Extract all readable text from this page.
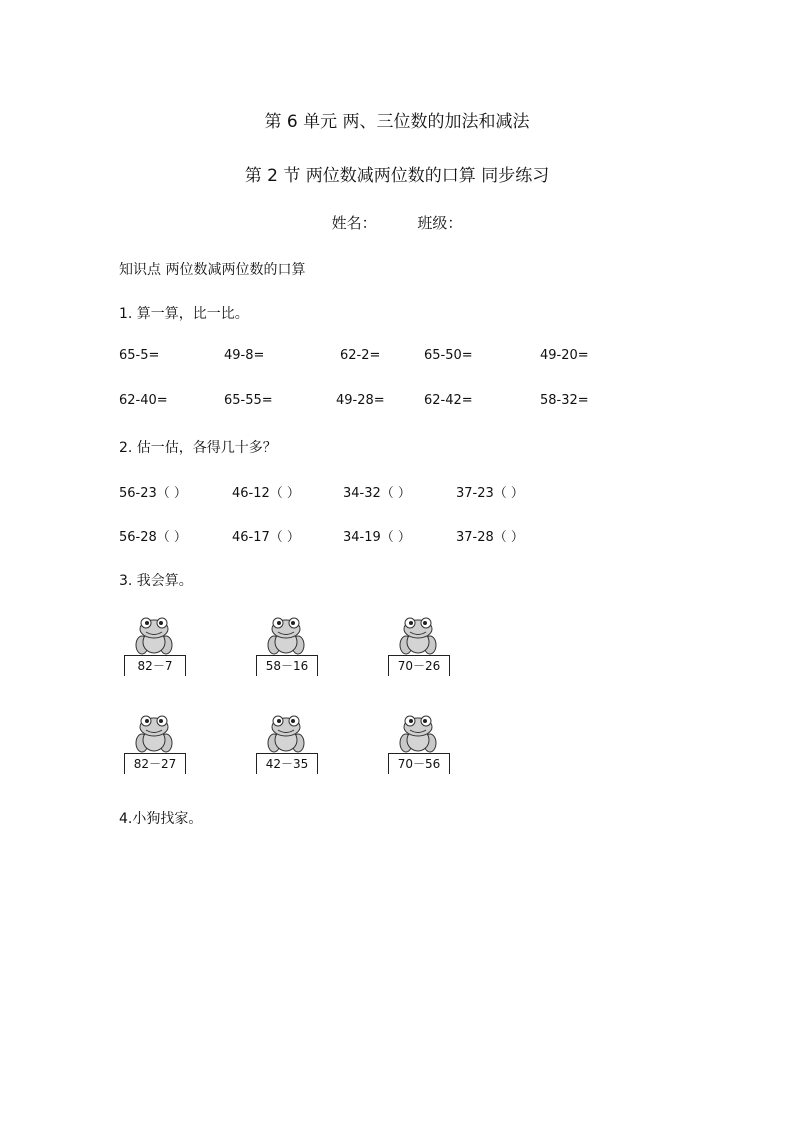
第 6 单元 两、三位数的加法和减法
第 2 节 两位数减两位数的口算 同步练习
姓名：	班级：
知识点 两位数减两位数的口算
1. 算一算，比一比。
65-5=	49-8=	62-2=	65-50=	49-20=
62-40=	65-55=	49-28=	62-42=	58-32=
2. 估一估，各得几十多？
56-23（ ）	46-12（ ）	34-32（ ）	37-23（ ）
56-28（ ）	46-17（ ）	34-19（ ）	37-28（ ）
3. 我会算。
82－7	58－16	70－26
82－27	42－35	70－56
4.小狗找家。
